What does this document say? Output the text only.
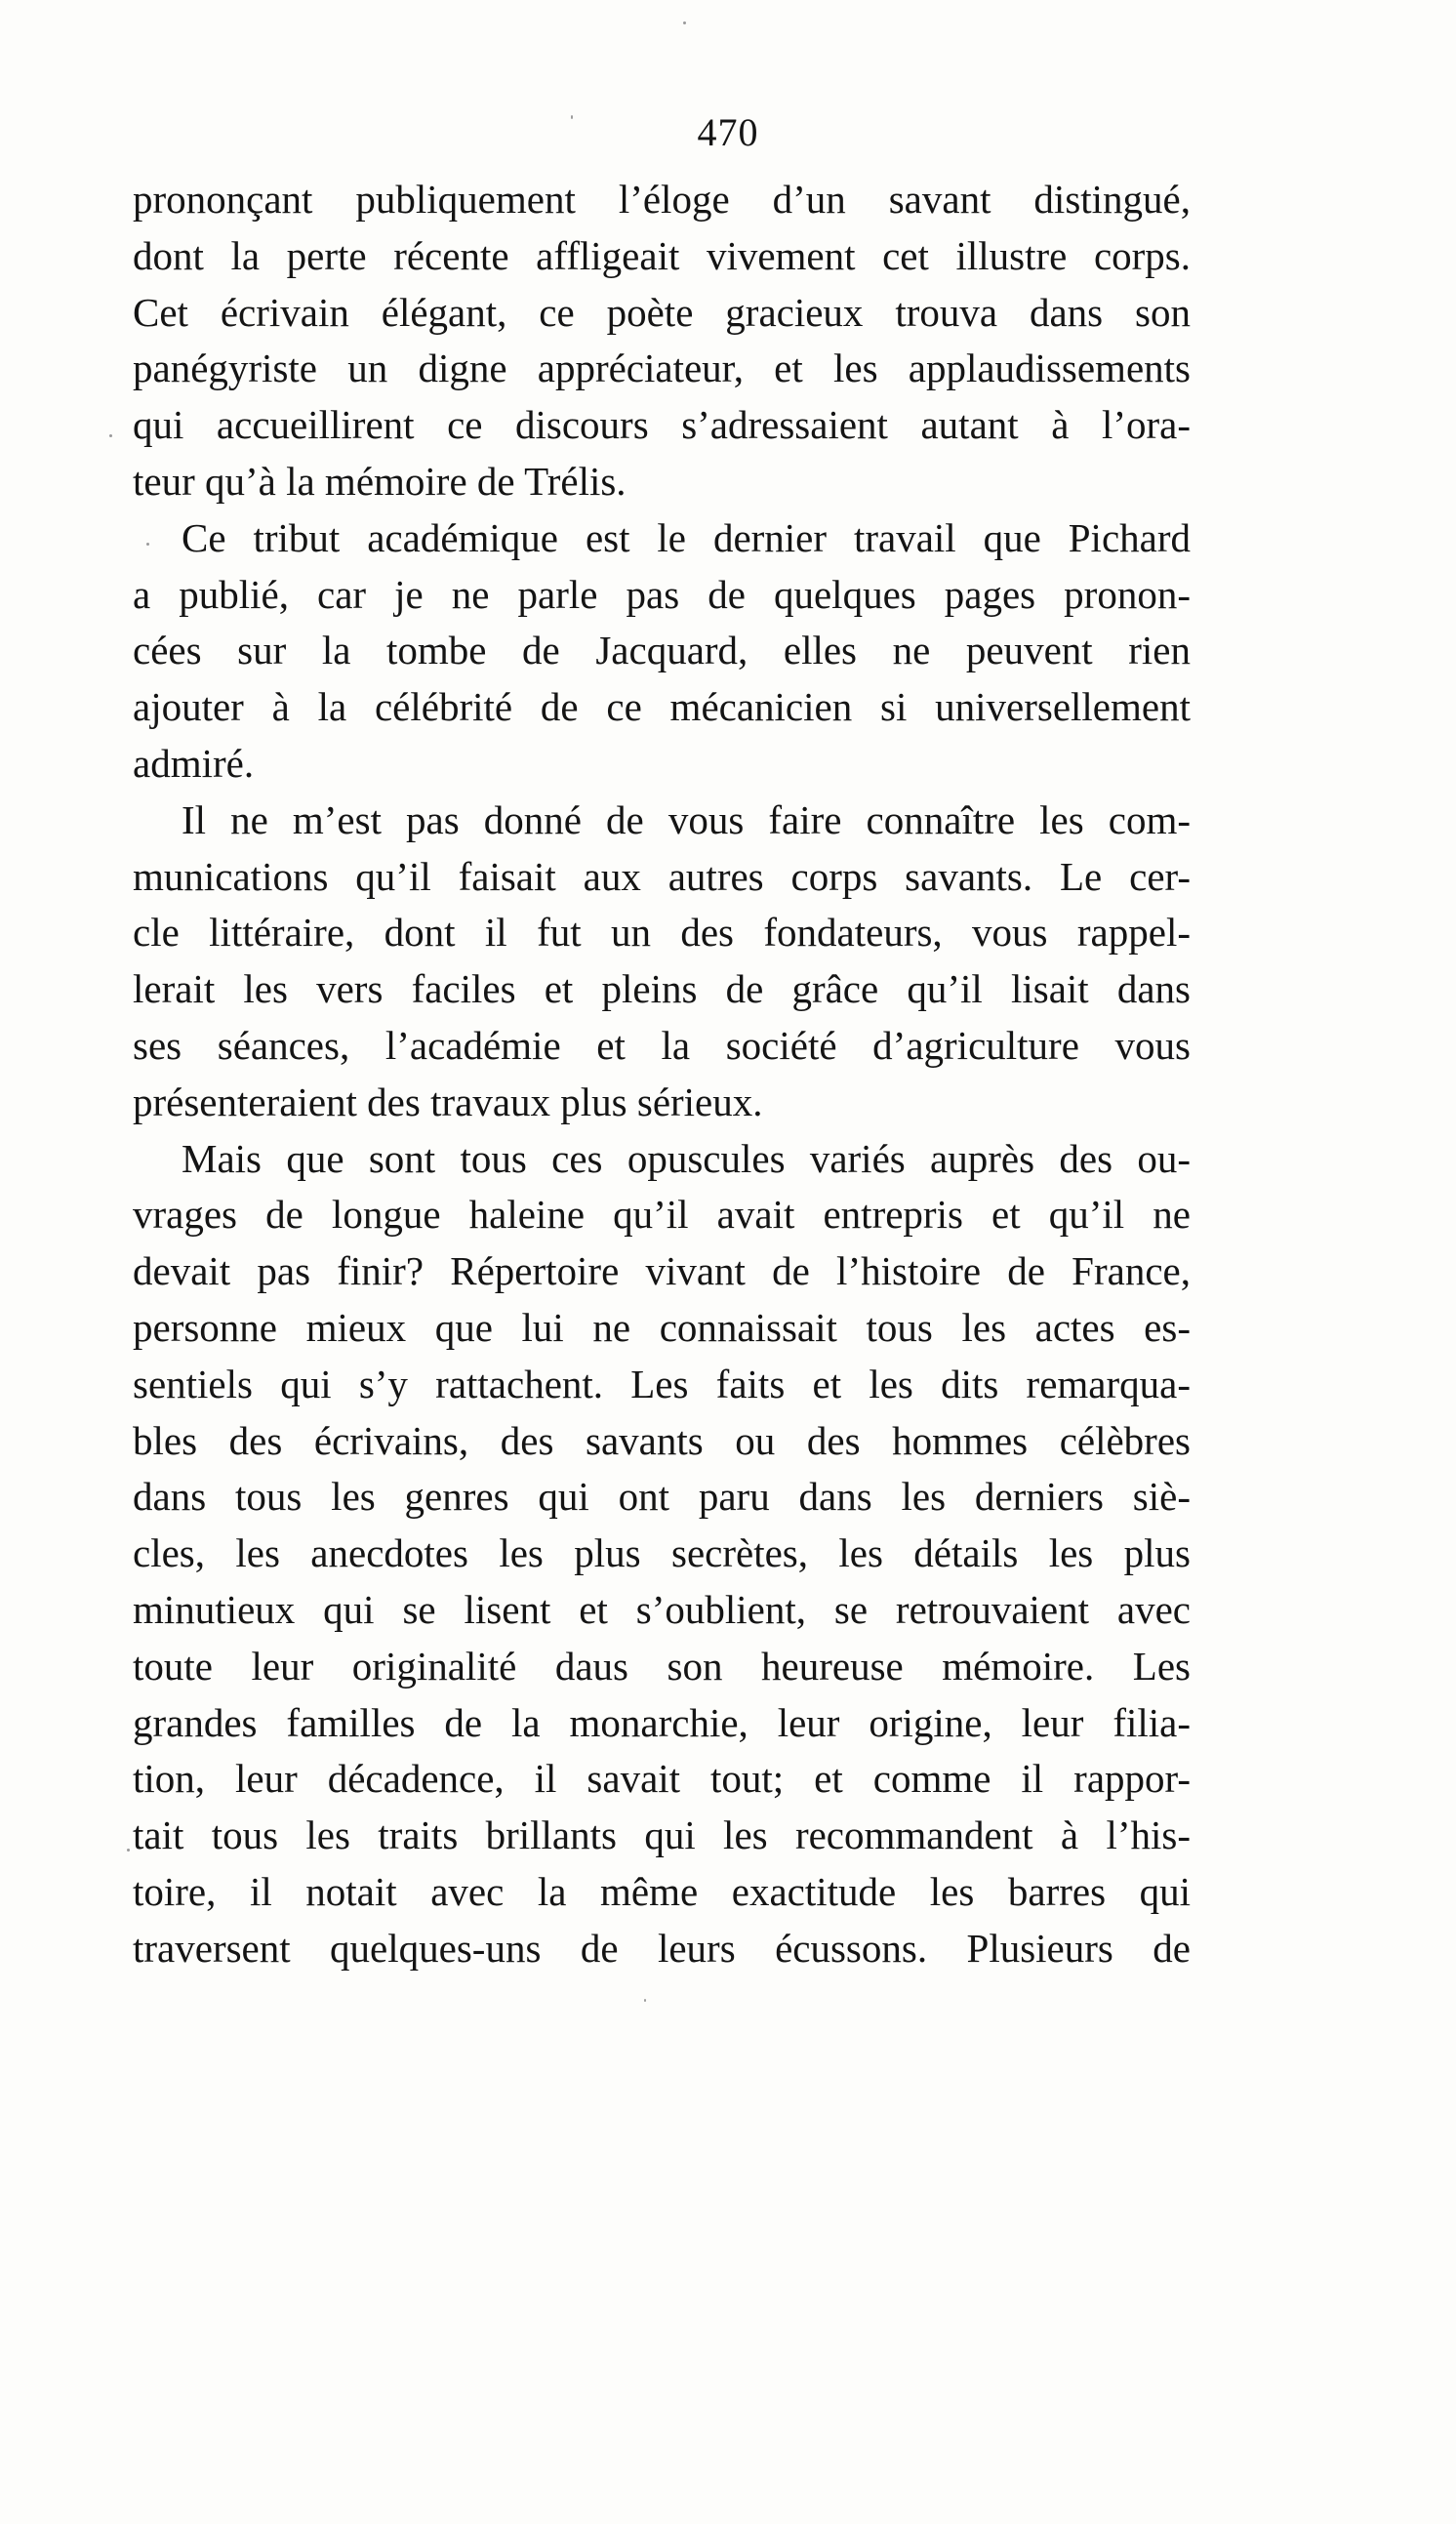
470
prononçant publiquement l’éloge d’un savant distingué,
dont la perte récente affligeait vivement cet illustre corps.
Cet écrivain élégant, ce poète gracieux trouva dans son
panégyriste un digne appréciateur, et les applaudissements
qui accueillirent ce discours s’adressaient autant à l’ora-
teur qu’à la mémoire de Trélis.
Ce tribut académique est le dernier travail que Pichard
a publié, car je ne parle pas de quelques pages pronon-
cées sur la tombe de Jacquard, elles ne peuvent rien
ajouter à la célébrité de ce mécanicien si universellement
admiré.
Il ne m’est pas donné de vous faire connaître les com-
munications qu’il faisait aux autres corps savants. Le cer-
cle littéraire, dont il fut un des fondateurs, vous rappel-
lerait les vers faciles et pleins de grâce qu’il lisait dans
ses séances, l’académie et la société d’agriculture vous
présenteraient des travaux plus sérieux.
Mais que sont tous ces opuscules variés auprès des ou-
vrages de longue haleine qu’il avait entrepris et qu’il ne
devait pas finir? Répertoire vivant de l’histoire de France,
personne mieux que lui ne connaissait tous les actes es-
sentiels qui s’y rattachent. Les faits et les dits remarqua-
bles des écrivains, des savants ou des hommes célèbres
dans tous les genres qui ont paru dans les derniers siè-
cles, les anecdotes les plus secrètes, les détails les plus
minutieux qui se lisent et s’oublient, se retrouvaient avec
toute leur originalité daus son heureuse mémoire. Les
grandes familles de la monarchie, leur origine, leur filia-
tion, leur décadence, il savait tout; et comme il rappor-
tait tous les traits brillants qui les recommandent à l’his-
toire, il notait avec la même exactitude les barres qui
traversent quelques-uns de leurs écussons. Plusieurs de
